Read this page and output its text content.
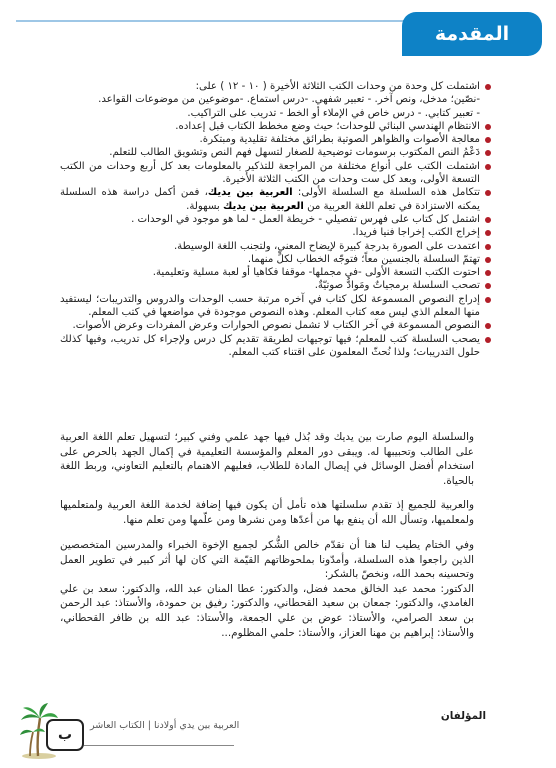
المقدمة
اشتملت كل وحدة من وحدات الكتب الثلاثة الأخيرة ( ١٠ - ١٢ ) على:
-نصّين؛ مدخل، ونص آخر. - تعبير شفهي. -درس استماع. -موضوعين من موضوعات القواعد.
- تعبير كتابي. - درس خاص في الإملاء أو الخط - تدريب على التراكيب.
الانتظام الهندسي البنائي للوحدات؛ حيث وضع مخطط الكتاب قبل إعداده.
معالجة الأصوات والظواهر الصوتية بطرائق مختلفة تقليدية ومبتكرة.
دَعْمُ النص المكتوب برسومات توضيحية للصغار لتسهل فهم النص وتشويق الطالب للتعلم.
اشتملت الكتب على أنواع مختلفة من المراجعة للتذكير بالمعلومات بعد كل أربع وحدات من الكتب التسعة الأولى، وبعد كل ست وحدات من الكتب الثلاثة الأخيرة.
تتكامل هذه السلسلة مع السلسلة الأولى: العربية بين يديك، فمن أكمل دراسة هذه السلسلة يمكنه الاستزادة في تعلم اللغة العربية من العربية بين يديك بسهولة.
اشتمل كل كتاب على فهرس تفصيلي - خريطة العمل - لما هو موجود في الوحدات .
إخراج الكتب إخراجا فنيا فريدا.
اعتمدت على الصورة بدرجة كبيرة لإيضاح المعنى، ولتجنب اللغة الوسيطة.
تهتمّ السلسلة بالجنسين معاً؛ فتوجّه الخطاب لكلٍّ منهما.
احتوت الكتب التسعة الأولى -في مجملها- موقفا فكاهيا أو لعبة مسلية وتعليمية.
تصحب السلسلة برمجياتٌ ومَوادُّ صوتيّةٌ.
إدراج النصوص المسموعة لكل كتاب في آخره مرتبة حسب الوحدات والدروس والتدريبات؛ ليستفيد منها المعلم الذي ليس معه كتاب المعلم. وهذه النصوص موجودة في مواضعها في كتب المعلم.
النصوص المسموعة في آخر الكتاب لا تشمل نصوص الحوارات وعرض المفردات وعرض الأصوات.
يصحب السلسلة كتب للمعلم؛ فيها توجيهات لطريقة تقديم كل درس ولإجراء كل تدريب، وفيها كذلك حلول التدريبات؛ ولذا نُحثّ المعلمون على اقتناء كتب المعلم.

والسلسلة اليوم صارت بين يديك وقد بُذل فيها جهد علمي وفني كبير؛ لتسهيل تعلم اللغة العربية على الطالب وتحبيبها له. ويبقى دور المعلم والمؤسسة التعليمية في إكمال الجهد بالحرص على استخدام أفضل الوسائل في إيصال المادة للطلاب، فعليهم الاهتمام بالتعليم التعاوني، وربط اللغة بالحياة.

والعربية للجميع إذ تقدم سلسلتها هذه تأمل أن يكون فيها إضافة لخدمة اللغة العربية ولمتعلميها ولمعلميها، وتسأل الله أن ينفع بها من أعدّها ومن نشرها ومن علّمها ومن تعلم منها.

وفي الختام يطيب لنا هنا أن نقدّم خالص الشُّكر لجميع الإخوة الخبراء والمدرسين المتخصصين الذين راجعوا هذه السلسلة، وأمدّونا بملحوظاتهم القيّمة التي كان لها أثر كبير في تطوير العمل وتحسينه بحمد الله، ونخصّ بالشكر:

الدكتور: محمد عبد الخالق محمد فضل، والدكتور: عطا المنان عبد الله، والدكتور: سعد بن علي الغامدي، والدكتور: جمعان بن سعيد القحطاني، والدكتور: رفيق بن حمودة، والأستاذ: عبد الرحمن بن سعد الصرامي، والأستاذ: عوض بن علي الجمعة، والأستاذ: عبد الله بن ظافر القحطاني، والأستاذ: إبراهيم بن مهنا العزاز، والأستاذ: حلمي المظلوم...

المؤلفان
ب
العربية بين يدي أولادنا | الكتاب العاشر
